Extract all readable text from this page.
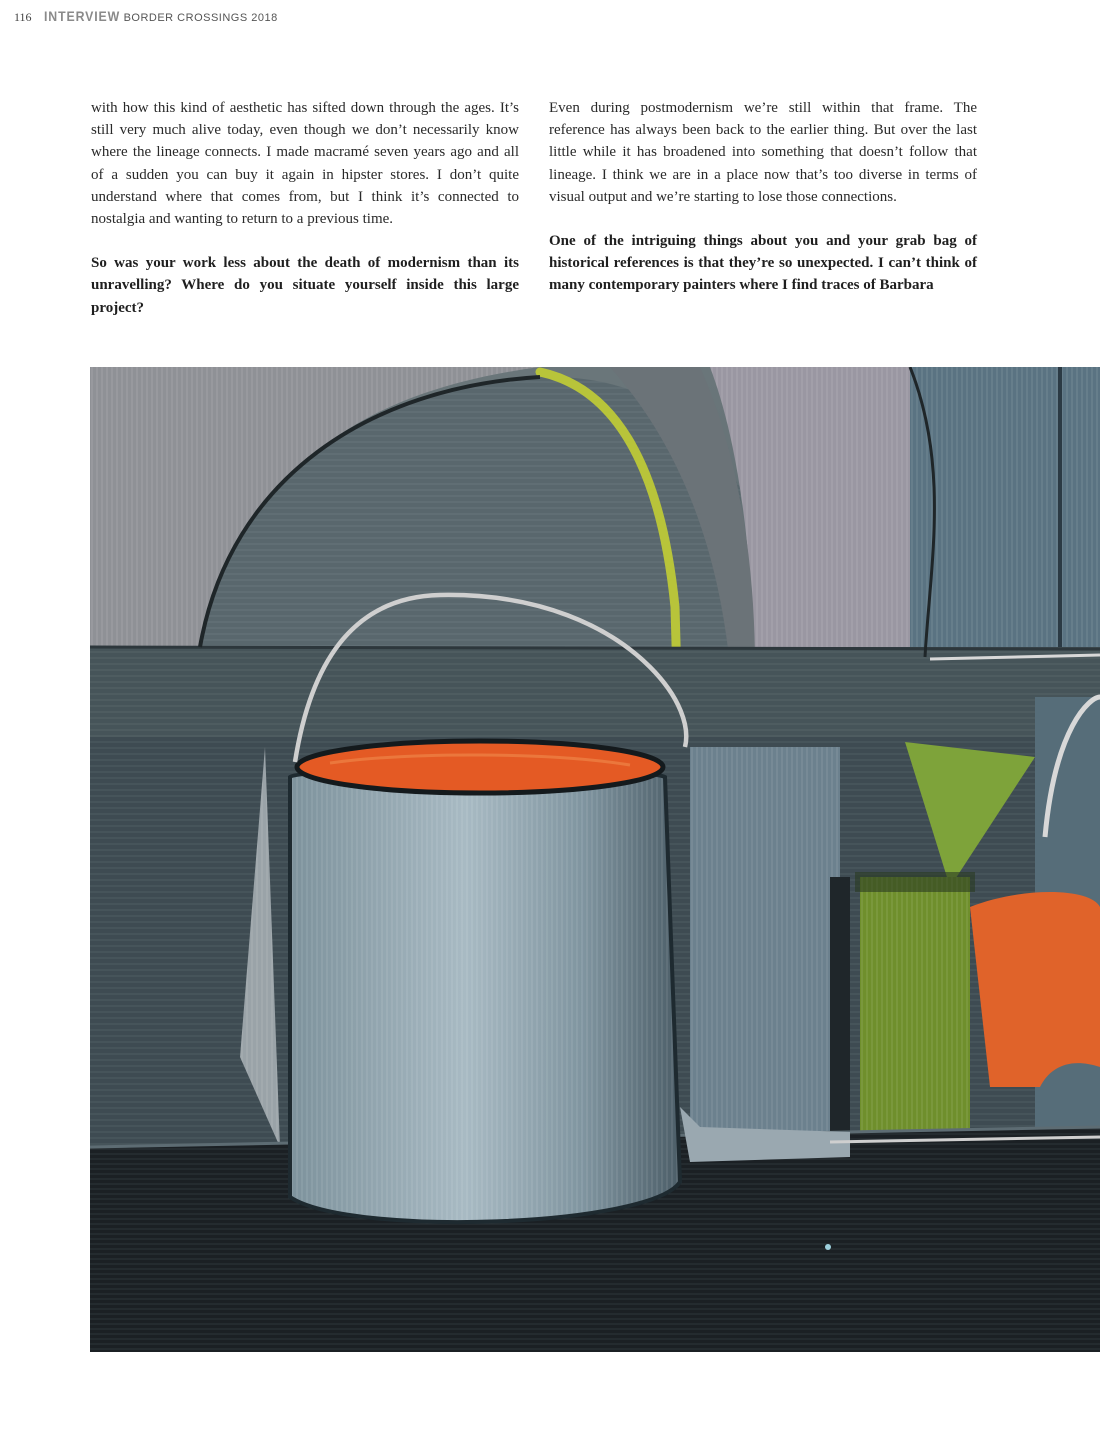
116 INTERVIEW BORDER CROSSINGS 2018

with how this kind of aesthetic has sifted down through the ages. It’s still very much alive today, even though we don’t necessarily know where the lineage connects. I made macramé seven years ago and all of a sudden you can buy it again in hipster stores. I don’t quite understand where that comes from, but I think it’s connected to nostalgia and wanting to return to a previous time.

So was your work less about the death of modernism than its unravelling? Where do you situate yourself inside this large project?

Even during postmodernism we’re still within that frame. The reference has always been back to the earlier thing. But over the last little while it has broadened into something that doesn’t follow that lineage. I think we are in a place now that’s too diverse in terms of visual output and we’re starting to lose those connections.

One of the intriguing things about you and your grab bag of historical references is that they’re so unexpected. I can’t think of many contemporary painters where I find traces of Barbara
